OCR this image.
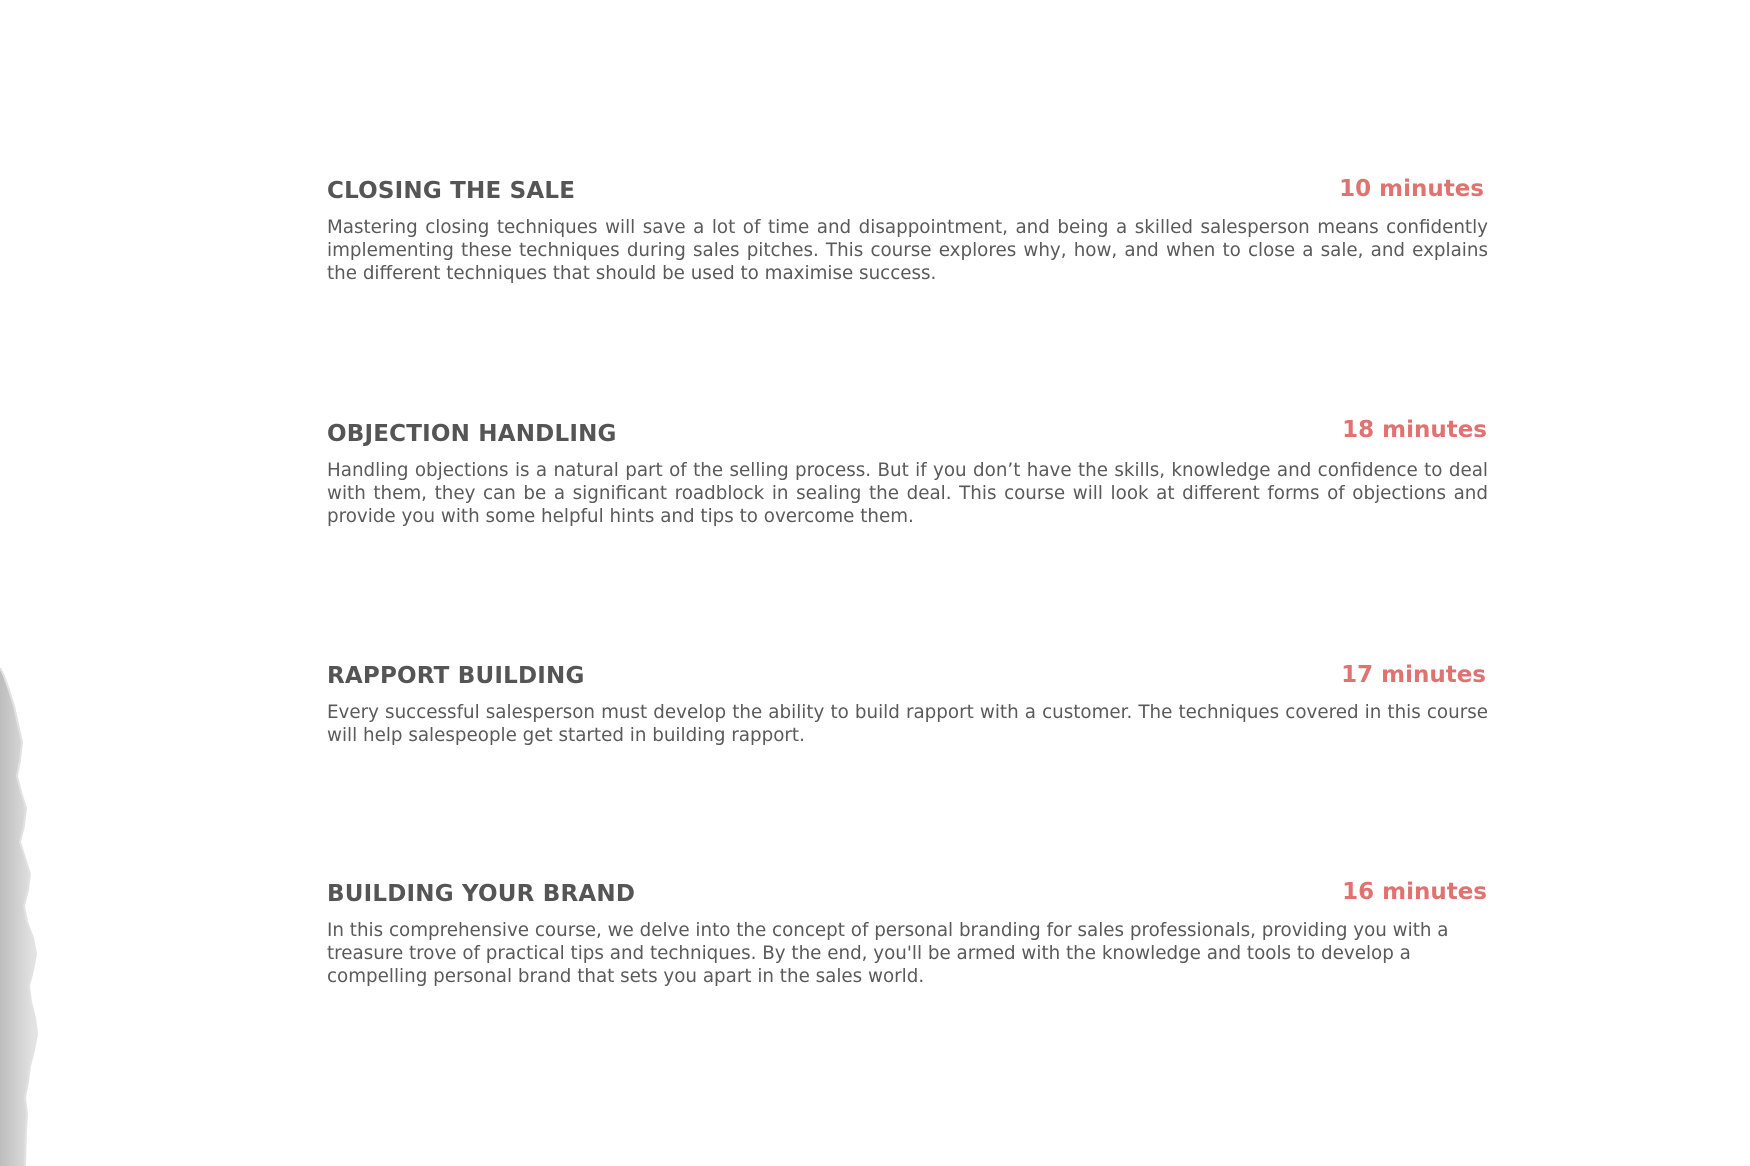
CLOSING THE SALE	10 minutes

Mastering closing techniques will save a lot of time and disappointment, and being a skilled salesperson means confidently implementing these techniques during sales pitches. This course explores why, how, and when to close a sale, and explains the different techniques that should be used to maximise success.

OBJECTION HANDLING	18 minutes

Handling objections is a natural part of the selling process. But if you don’t have the skills, knowledge and confidence to deal with them, they can be a significant roadblock in sealing the deal. This course will look at different forms of objections and provide you with some helpful hints and tips to overcome them.

RAPPORT BUILDING	17 minutes

Every successful salesperson must develop the ability to build rapport with a customer. The techniques covered in this course will help salespeople get started in building rapport.

BUILDING YOUR BRAND	16 minutes

In this comprehensive course, we delve into the concept of personal branding for sales professionals, providing you with a treasure trove of practical tips and techniques. By the end, you'll be armed with the knowledge and tools to develop a compelling personal brand that sets you apart in the sales world.
